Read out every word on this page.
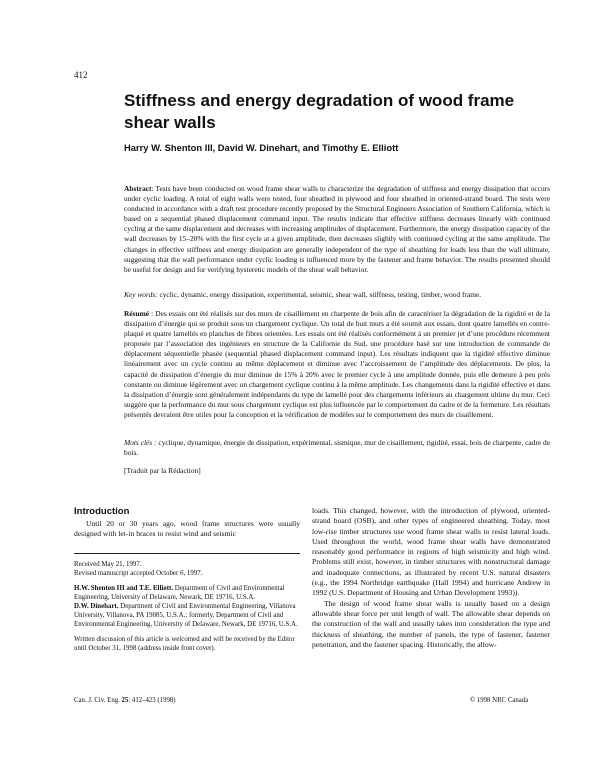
412
Stiffness and energy degradation of wood frame shear walls
Harry W. Shenton III, David W. Dinehart, and Timothy E. Elliott

Abstract: Tests have been conducted on wood frame shear walls to characterize the degradation of stiffness and energy dissipation that occurs under cyclic loading. A total of eight walls were tested, four sheathed in plywood and four sheathed in oriented-strand board. The tests were conducted in accordance with a draft test procedure recently proposed by the Structural Engineers Association of Southern California, which is based on a sequential phased displacement command input. The results indicate that effective stiffness decreases linearly with continued cycling at the same displacement and decreases with increasing amplitudes of displacement. Furthermore, the energy dissipation capacity of the wall decreases by 15–20% with the first cycle at a given amplitude, then decreases slightly with continued cycling at the same amplitude. The changes in effective stiffness and energy dissipation are generally independent of the type of sheathing for loads less than the wall ultimate, suggesting that the wall performance under cyclic loading is influenced more by the fastener and frame behavior. The results presented should be useful for design and for verifying hysteretic models of the shear wall behavior.

Key words: cyclic, dynamic, energy dissipation, experimental, seismic, shear wall, stiffness, testing, timber, wood frame.

Résumé : Des essais ont été réalisés sur des murs de cisaillement en charpente de bois afin de caractériser la dégradation de la rigidité et de la dissipation d’énergie qui se produit sous un chargement cyclique. Un total de huit murs a été soumit aux essais, dont quatre lamellés en contre-plaqué et quatre lamellés en planches de fibres orientées. Les essais ont été réalisés conformément à un premier jet d’une procédure récemment proposée par l’association des ingénieurs en structure de la Californie du Sud, une procédure basé sur une introduction de commande de déplacement séquentielle phasée (sequential phased displacement command input). Les résultats indiquent que la rigidité effective diminue linéairement avec un cycle continu au même déplacement et diminue avec l’accroissement de l’amplitude des déplacements. De plus, la capacité de dissipation d’énergie du mur diminue de 15% à 20% avec le premier cycle à une amplitude donnée, puis elle demeure à peu près constante ou diminue légèrement avec un chargement cyclique continu à la même amplitude. Les changements dans la rigidité effective et dans la dissipation d’énergie sont généralement indépendants du type de lamellé pour des chargements inférieurs au chargement ultime du mur. Ceci suggère que la performance du mur sous chargement cyclique est plus influencée par le comportement du cadre et de la fermeture. Les résultats présentés devraient être utiles pour la conception et la vérification de modèles sur le comportement des murs de cisaillement.

Mots clés : cyclique, dynamique, énergie de dissipation, expérimental, sismique, mur de cisaillement, rigidité, essai, bois de charpente, cadre de bois.

[Traduit par la Rédaction]

Introduction

Until 20 or 30 years ago, wood frame structures were usually designed with let-in braces to resist wind and seismic

loads. This changed, however, with the introduction of plywood, oriented-strand board (OSB), and other types of engineered sheathing. Today, most low-rise timber structures use wood frame shear walls to resist lateral loads. Used throughout the world, wood frame shear walls have demonstrated reasonably good performance in regions of high seismicity and high wind. Problems still exist, however, in timber structures with nonstructural damage and inadequate connections, as illustrated by recent U.S. natural disasters (e.g., the 1994 Northridge earthquake (Hall 1994) and hurricane Andrew in 1992 (U.S. Department of Housing and Urban Development 1993)).

The design of wood frame shear walls is usually based on a design allowable shear force per unit length of wall. The allowable shear depends on the construction of the wall and usually takes into consideration the type and thickness of sheathing, the number of panels, the type of fastener, fastener penetration, and the fastener spacing. Historically, the allow-

Received May 21, 1997.

Revised manuscript accepted October 6, 1997.

H.W. Shenton III and T.E. Elliott. Department of Civil and Environmental Engineering, University of Delaware, Newark, DE 19716, U.S.A.

D.W. Dinehart. Department of Civil and Environmental Engineering, Villanova University, Villanova, PA 19085, U.S.A.; formerly, Department of Civil and Environmental Engineering, University of Delaware, Newark, DE 19716, U.S.A.

Written discussion of this article is welcomed and will be received by the Editor until October 31, 1998 (address inside front cover).

Can. J. Civ. Eng. 25: 412–423 (1998)	© 1998 NRC Canada
